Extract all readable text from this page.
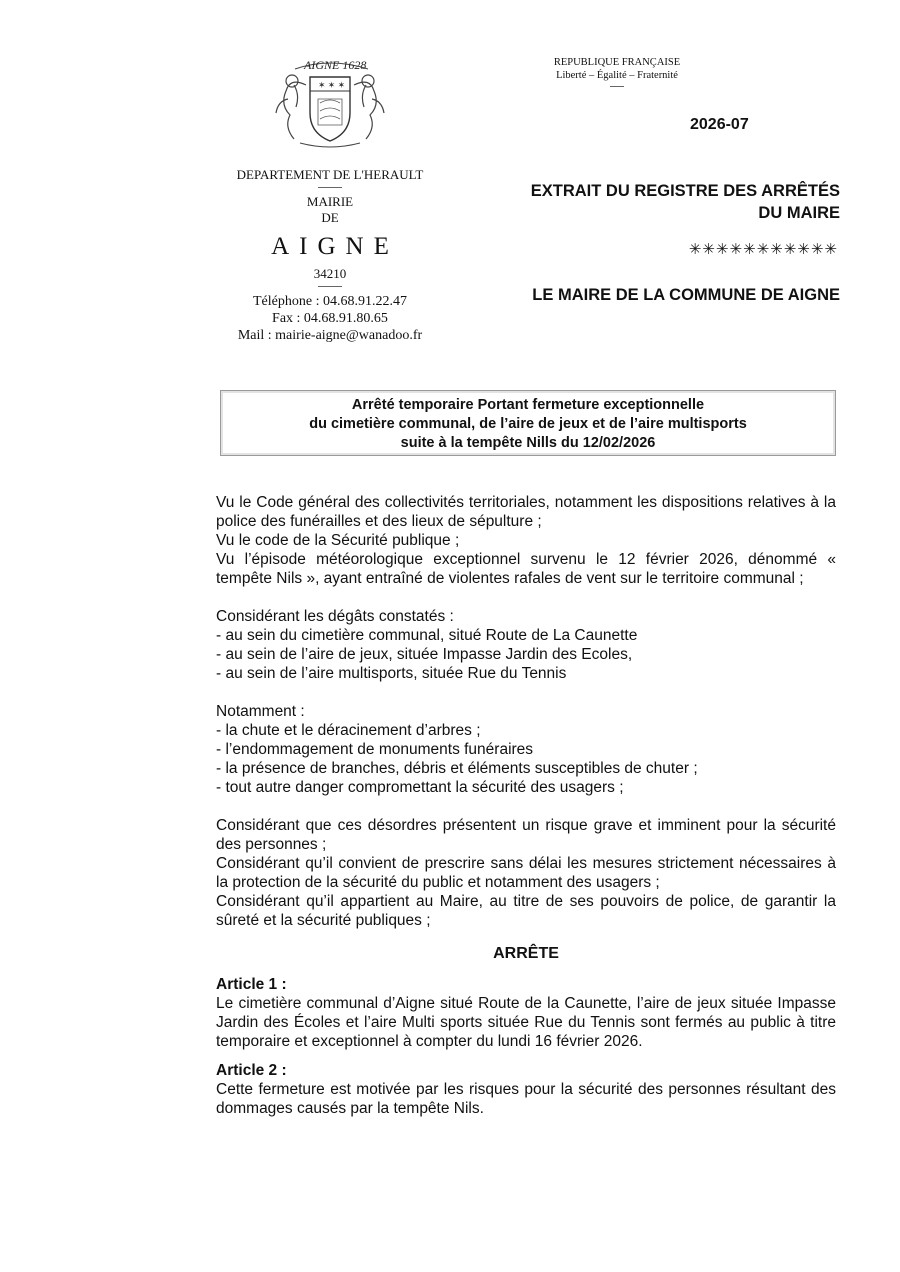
AIGNE 1628
✶ ✶ ✶
DEPARTEMENT DE L'HERAULT
MAIRIE
DE
AIGNE
34210
Téléphone : 04.68.91.22.47
Fax : 04.68.91.80.65
Mail : mairie-aigne@wanadoo.fr
REPUBLIQUE FRANÇAISE
Liberté – Égalité – Fraternité
2026-07
EXTRAIT DU REGISTRE DES ARRÊTÉS
DU MAIRE
✳✳✳✳✳✳✳✳✳✳✳
LE MAIRE DE LA COMMUNE DE AIGNE
Arrêté temporaire Portant fermeture exceptionnelle
du cimetière communal, de l’aire de jeux et de l’aire multisports
suite à la tempête Nills du 12/02/2026
Vu le Code général des collectivités territoriales, notamment les dispositions relatives à la police des funérailles et des lieux de sépulture ;
Vu le code de la Sécurité publique ;
Vu l’épisode météorologique exceptionnel survenu le 12 février 2026, dénommé « tempête Nils », ayant entraîné de violentes rafales de vent sur le territoire communal ;
Considérant les dégâts constatés :
- au sein du cimetière communal, situé Route de La Caunette
- au sein de l’aire de jeux, située Impasse Jardin des Ecoles,
- au sein de l’aire multisports, située Rue du Tennis
Notamment :
- la chute et le déracinement d’arbres ;
- l’endommagement de monuments funéraires
- la présence de branches, débris et éléments susceptibles de chuter ;
- tout autre danger compromettant la sécurité des usagers ;
Considérant que ces désordres présentent un risque grave et imminent pour la sécurité des personnes ;
Considérant qu’il convient de prescrire sans délai les mesures strictement nécessaires à la protection de la sécurité du public et notamment des usagers ;
Considérant qu’il appartient au Maire, au titre de ses pouvoirs de police, de garantir la sûreté et la sécurité publiques ;
ARRÊTE
Article 1 :
Le cimetière communal d’Aigne situé Route de la Caunette, l’aire de jeux située Impasse Jardin des Écoles et l’aire Multi sports située Rue du Tennis sont fermés au public à titre temporaire et exceptionnel à compter du lundi 16 février 2026.
Article 2 :
Cette fermeture est motivée par les risques pour la sécurité des personnes résultant des dommages causés par la tempête Nils.
